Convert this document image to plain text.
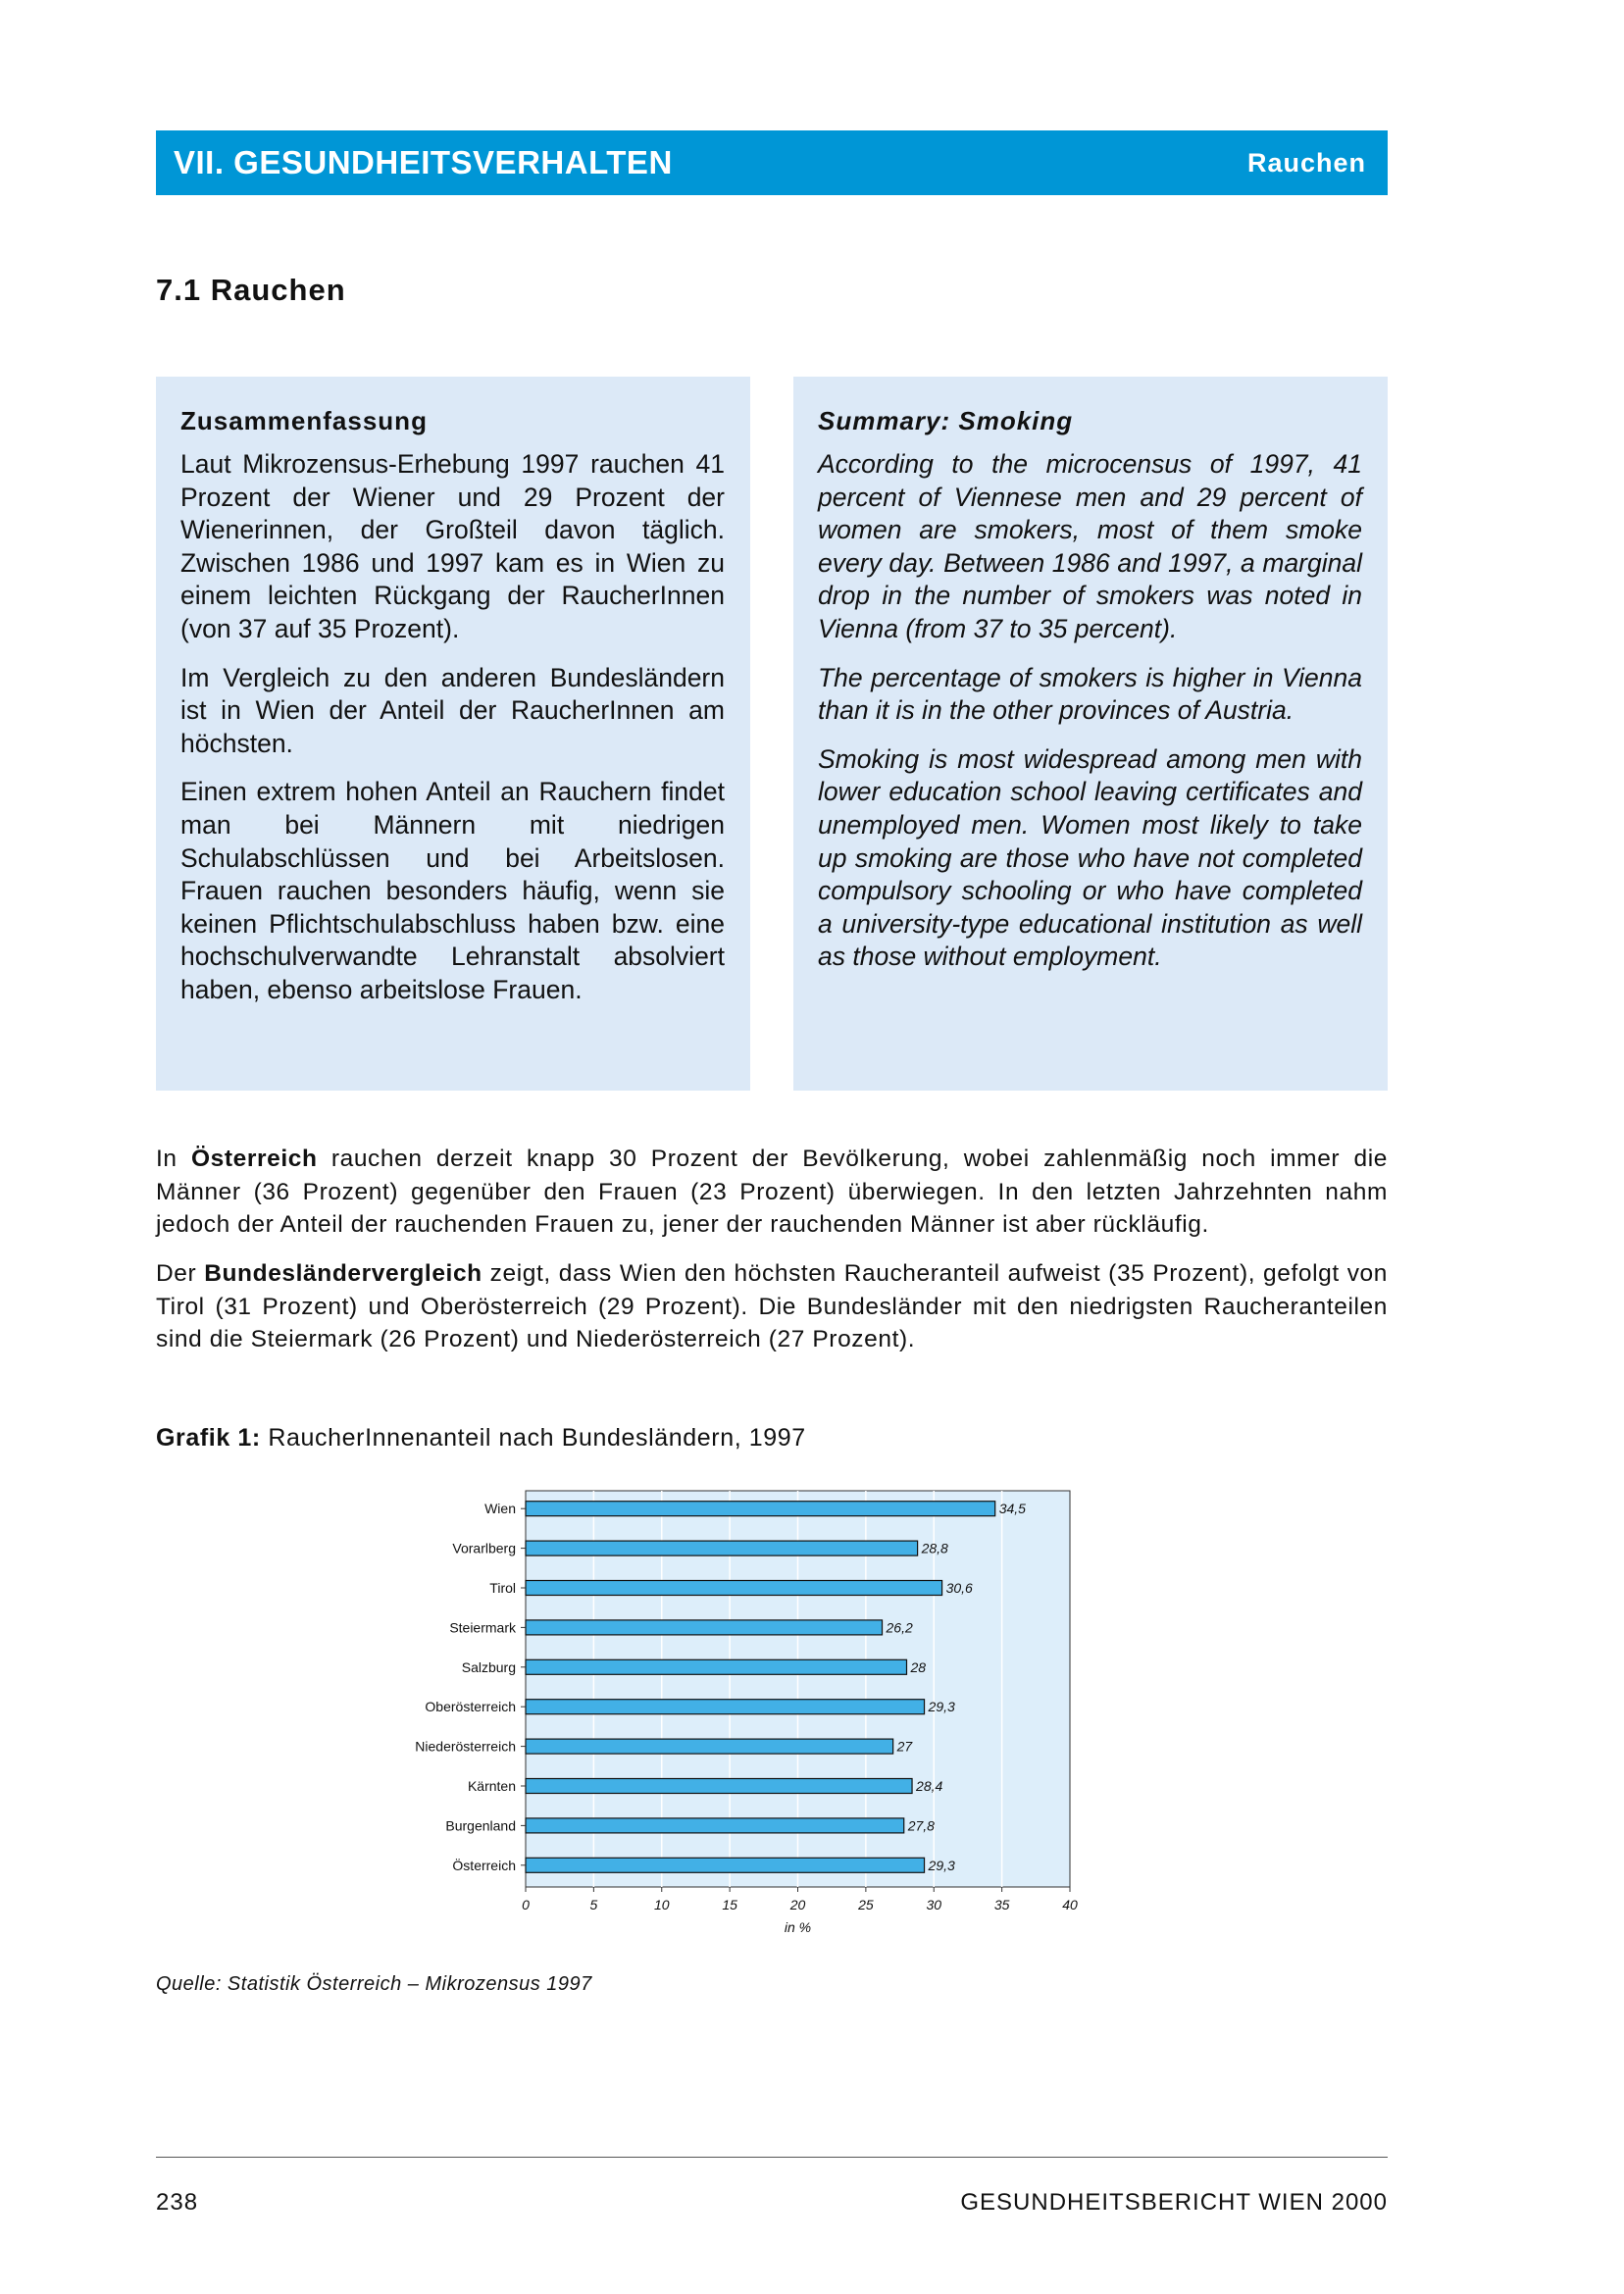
VII. GESUNDHEITSVERHALTEN	Rauchen
7.1 Rauchen

Zusammenfassung

Laut Mikrozensus-Erhebung 1997 rauchen 41 Prozent der Wiener und 29 Prozent der Wienerinnen, der Großteil davon täglich. Zwischen 1986 und 1997 kam es in Wien zu einem leichten Rückgang der RaucherInnen (von 37 auf 35 Prozent).

Im Vergleich zu den anderen Bundesländern ist in Wien der Anteil der RaucherInnen am höchsten.

Einen extrem hohen Anteil an Rauchern findet man bei Männern mit niedrigen Schulabschlüssen und bei Arbeitslosen. Frauen rauchen besonders häufig, wenn sie keinen Pflichtschulabschluss haben bzw. eine hochschulverwandte Lehranstalt absolviert haben, ebenso arbeitslose Frauen.

Summary: Smoking

According to the microcensus of 1997, 41 percent of Viennese men and 29 percent of women are smokers, most of them smoke every day. Between 1986 and 1997, a marginal drop in the number of smokers was noted in Vienna (from 37 to 35 percent).

The percentage of smokers is higher in Vienna than it is in the other provinces of Austria.

Smoking is most widespread among men with lower education school leaving certificates and unemployed men. Women most likely to take up smoking are those who have not completed compulsory schooling or who have completed a university-type educational institution as well as those without employment.

In Österreich rauchen derzeit knapp 30 Prozent der Bevölkerung, wobei zahlenmäßig noch immer die Männer (36 Prozent) gegenüber den Frauen (23 Prozent) überwiegen. In den letzten Jahrzehnten nahm jedoch der Anteil der rauchenden Frauen zu, jener der rauchenden Männer ist aber rückläufig.

Der Bundesländervergleich zeigt, dass Wien den höchsten Raucheranteil aufweist (35 Prozent), gefolgt von Tirol (31 Prozent) und Oberösterreich (29 Prozent). Die Bundesländer mit den niedrigsten Raucheranteilen sind die Steiermark (26 Prozent) und Niederösterreich (27 Prozent).

Grafik 1: RaucherInnenanteil nach Bundesländern, 1997
Wien	34,5
Vorarlberg	28,8
Tirol	30,6
Steiermark	26,2
Salzburg	28
Oberösterreich	29,3
Niederösterreich	27
Kärnten	28,4
Burgenland	27,8
Österreich	29,3
0	5	10	15	20	25	30	35	40
in %
Quelle: Statistik Österreich – Mikrozensus 1997
238	GESUNDHEITSBERICHT WIEN 2000
